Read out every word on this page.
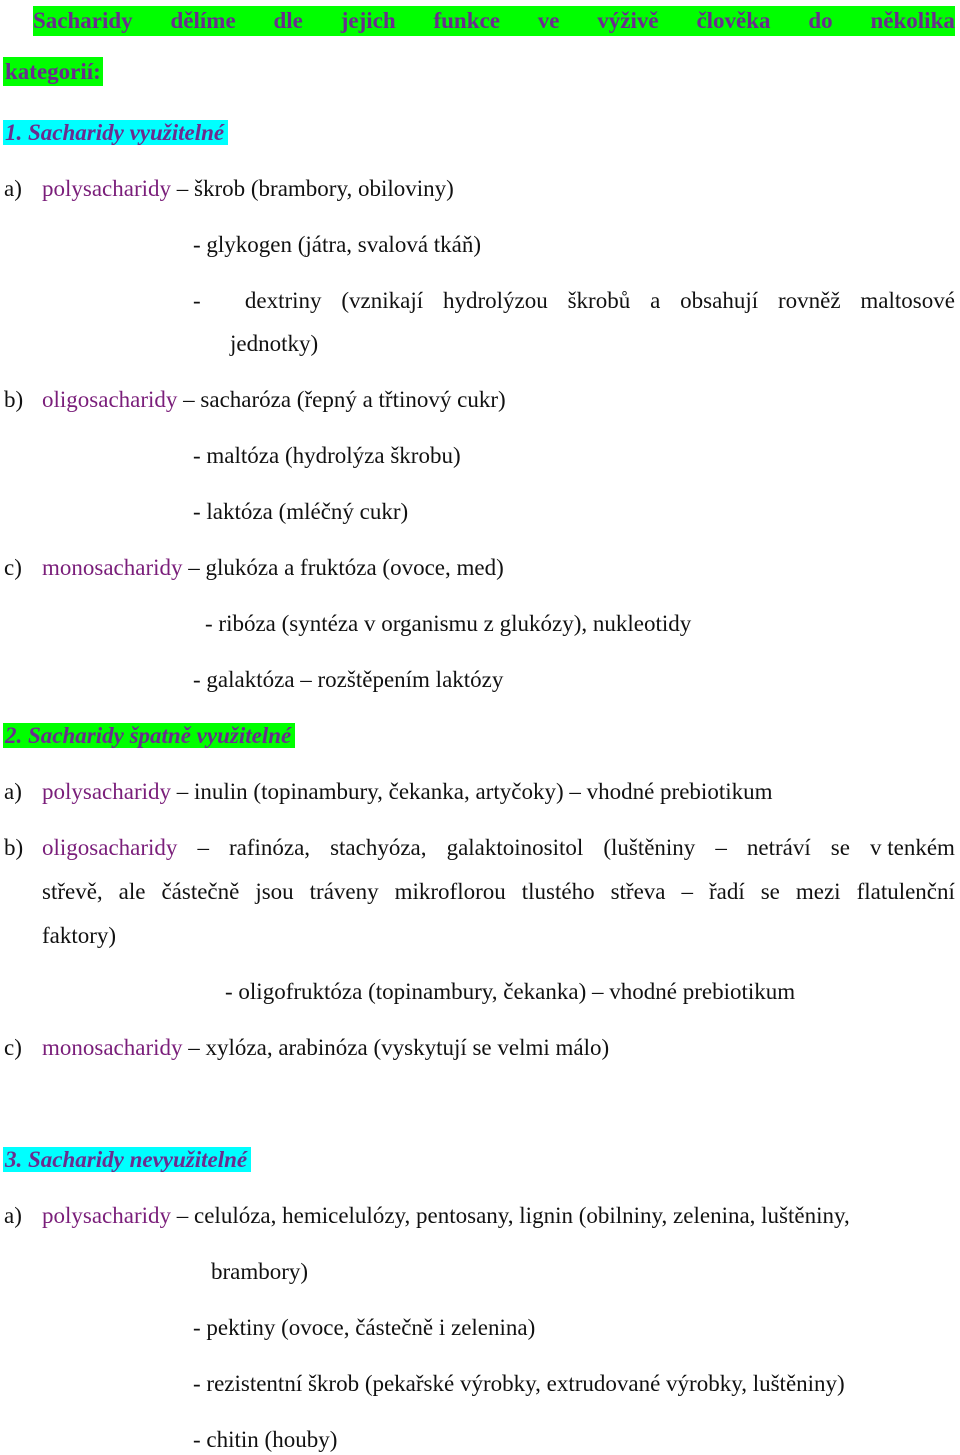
Sacharidy dělíme dle jejich funkce ve výživě člověka do několika
kategorií:
1. Sacharidy využitelné
a) polysacharidy – škrob (brambory, obiloviny)
- glykogen (játra, svalová tkáň)
-	dextriny (vznikají hydrolýzou škrobů a obsahují rovněž maltosové
jednotky)
b) oligosacharidy – sacharóza (řepný a třtinový cukr)
- maltóza (hydrolýza škrobu)
- laktóza (mléčný cukr)
c) monosacharidy – glukóza a fruktóza (ovoce, med)
- ribóza (syntéza v organismu z glukózy), nukleotidy
- galaktóza – rozštěpením laktózy
2. Sacharidy špatně využitelné
a) polysacharidy – inulin (topinambury, čekanka, artyčoky) – vhodné prebiotikum
b) oligosacharidy – rafinóza, stachyóza, galaktoinositol (luštěniny – netráví se v tenkém
střevě, ale částečně jsou tráveny mikroflorou tlustého střeva – řadí se mezi flatulenční
faktory)
- oligofruktóza (topinambury, čekanka) – vhodné prebiotikum
c) monosacharidy – xylóza, arabinóza (vyskytují se velmi málo)
3. Sacharidy nevyužitelné
a) polysacharidy – celulóza, hemicelulózy, pentosany, lignin (obilniny, zelenina, luštěniny,
brambory)
- pektiny (ovoce, částečně i zelenina)
- rezistentní škrob (pekařské výrobky, extrudované výrobky, luštěniny)
- chitin (houby)
